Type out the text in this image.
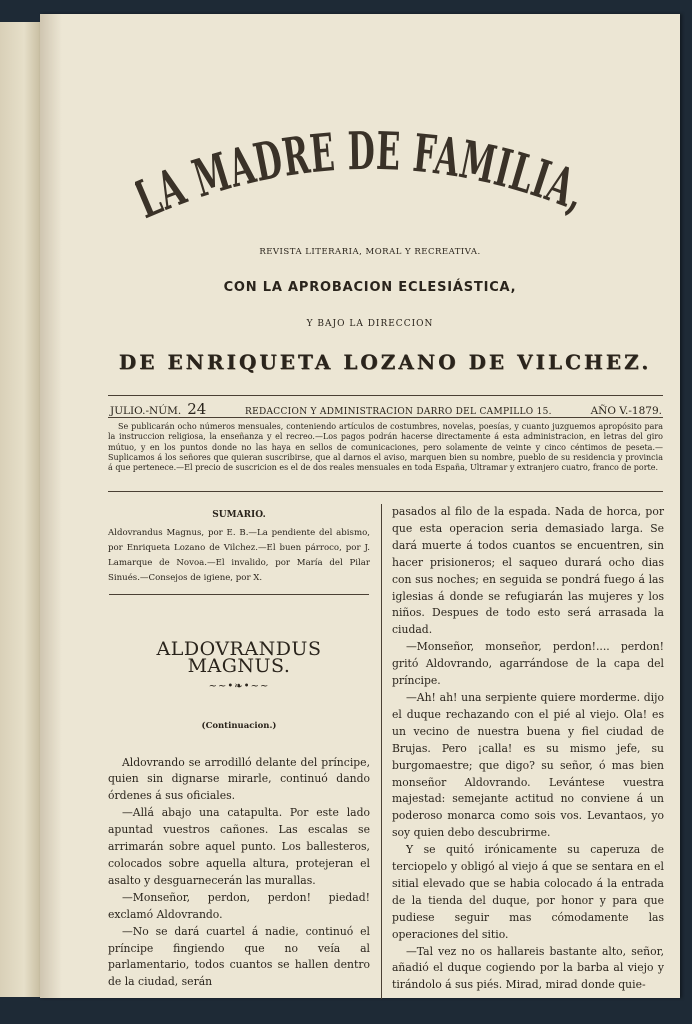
A MADRE DE FAMILIA,
REVISTA LITERARIA, MORAL Y RECREATIVA.
CON LA APROBACION ECLESIÁSTICA,
Y BAJO LA DIRECCION
DE ENRIQUETA LOZANO DE VILCHEZ.
JULIO.-NÚM. 24	REDACCION Y ADMINISTRACION DARRO DEL CAMPILLO 15.	AÑO V.-1879.
Se publicarán ocho números mensuales, conteniendo artículos de costumbres, novelas, poesías, y cuanto juzguemos apropósito para la instruccion religiosa, la enseñanza y el recreo.—Los pagos podrán hacerse directamente á esta administracion, en letras del giro mútuo, y en los puntos donde no las haya en sellos de comunicaciones, pero solamente de veinte y cinco céntimos de peseta.—Suplicamos á los señores que quieran suscribirse, que al darnos el aviso, marquen bien su nombre, pueblo de su residencia y provincia á que pertenece.—El precio de suscricion es el de dos reales mensuales en toda España, Ultramar y extranjero cuatro, franco de porte.
SUMARIO.
Aldovrandus Magnus, por E. B.—La pendiente del abismo, por Enriqueta Lozano de Vilchez.—El buen párroco, por J. Lamarque de Novoa.—El invalido, por María del Pilar Sinués.—Consejos de igiene, por X.
ALDOVRANDUS MAGNUS.
~~•❧•~~
(Continuacion.)

Aldovrando se arrodilló delante del príncipe, quien sin dignarse mirarle, continuó dando órdenes á sus oficiales.

—Allá abajo una catapulta. Por este lado apuntad vuestros cañones. Las escalas se arrimarán sobre aquel punto. Los ballesteros, colocados sobre aquella altura, protejeran el asalto y desguarnecerán las murallas.

—Monseñor, perdon, perdon! piedad! exclamó Aldovrando.

—No se dará cuartel á nadie, continuó el príncipe fingiendo que no veía al parlamentario, todos cuantos se hallen dentro de la ciudad, serán

pasados al filo de la espada. Nada de horca, por que esta operacion seria demasiado larga. Se dará muerte á todos cuantos se encuentren, sin hacer prisioneros; el saqueo durará ocho dias con sus noches; en seguida se pondrá fuego á las iglesias á donde se refugiarán las mujeres y los niños. Despues de todo esto será arrasada la ciudad.

—Monseñor, monseñor, perdon!.... perdon! gritó Aldovrando, agarrándose de la capa del príncipe.

—Ah! ah! una serpiente quiere morderme. dijo el duque rechazando con el pié al viejo. Ola! es un vecino de nuestra buena y fiel ciudad de Brujas. Pero ¡calla! es su mismo jefe, su burgomaestre; que digo? su señor, ó mas bien monseñor Aldovrando. Levántese vuestra majestad: semejante actitud no conviene á un poderoso monarca como sois vos. Levantaos, yo soy quien debo descubrirme.

Y se quitó irónicamente su caperuza de terciopelo y obligó al viejo á que se sentara en el sitial elevado que se habia colocado á la entrada de la tienda del duque, por honor y para que pudiese seguir mas cómodamente las operaciones del sitio.

—Tal vez no os hallareis bastante alto, señor, añadió el duque cogiendo por la barba al viejo y tirándolo á sus piés. Mirad, mirad donde quie-
